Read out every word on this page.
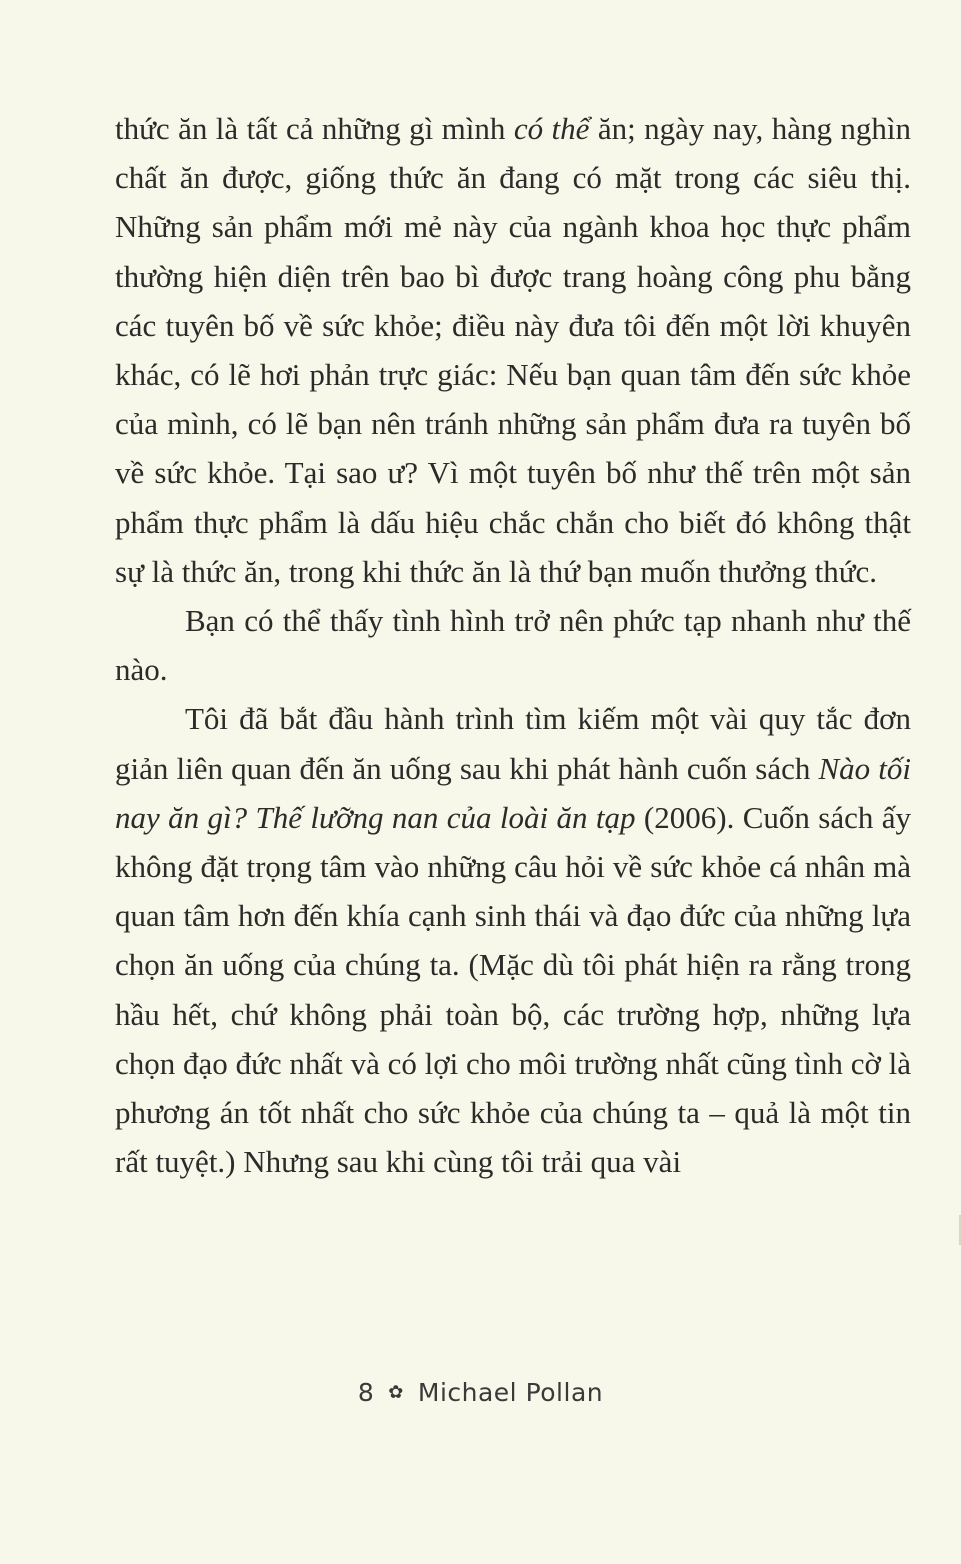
thức ăn là tất cả những gì mình có thể ăn; ngày nay, hàng nghìn chất ăn được, giống thức ăn đang có mặt trong các siêu thị. Những sản phẩm mới mẻ này của ngành khoa học thực phẩm thường hiện diện trên bao bì được trang hoàng công phu bằng các tuyên bố về sức khỏe; điều này đưa tôi đến một lời khuyên khác, có lẽ hơi phản trực giác: Nếu bạn quan tâm đến sức khỏe của mình, có lẽ bạn nên tránh những sản phẩm đưa ra tuyên bố về sức khỏe. Tại sao ư? Vì một tuyên bố như thế trên một sản phẩm thực phẩm là dấu hiệu chắc chắn cho biết đó không thật sự là thức ăn, trong khi thức ăn là thứ bạn muốn thưởng thức.

Bạn có thể thấy tình hình trở nên phức tạp nhanh như thế nào.

Tôi đã bắt đầu hành trình tìm kiếm một vài quy tắc đơn giản liên quan đến ăn uống sau khi phát hành cuốn sách Nào tối nay ăn gì? Thế lưỡng nan của loài ăn tạp (2006). Cuốn sách ấy không đặt trọng tâm vào những câu hỏi về sức khỏe cá nhân mà quan tâm hơn đến khía cạnh sinh thái và đạo đức của những lựa chọn ăn uống của chúng ta. (Mặc dù tôi phát hiện ra rằng trong hầu hết, chứ không phải toàn bộ, các trường hợp, những lựa chọn đạo đức nhất và có lợi cho môi trường nhất cũng tình cờ là phương án tốt nhất cho sức khỏe của chúng ta – quả là một tin rất tuyệt.) Nhưng sau khi cùng tôi trải qua vài

8 ✿ Michael Pollan
